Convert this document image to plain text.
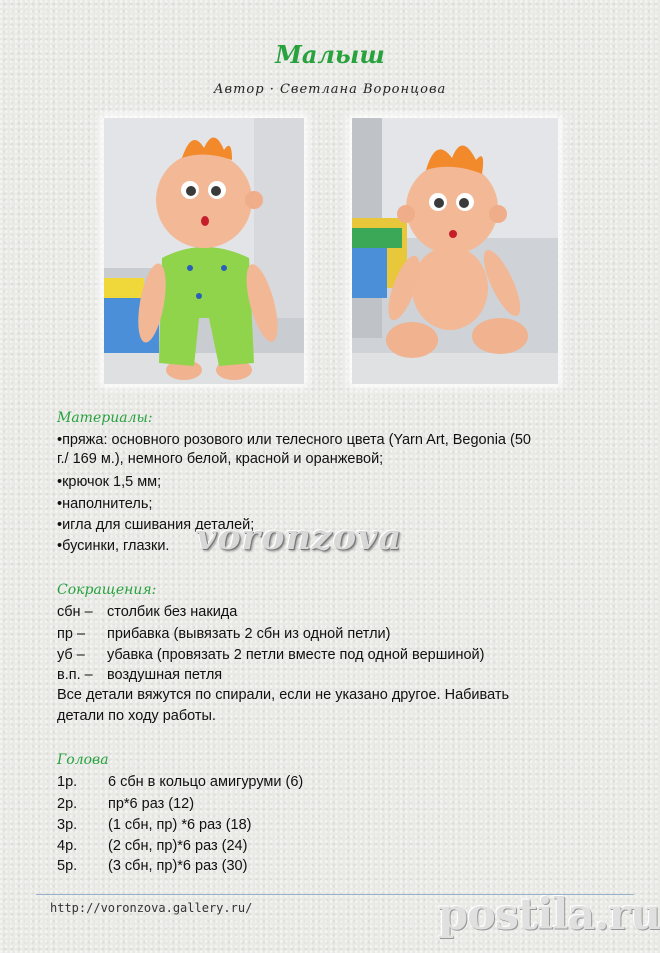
Малыш
Автор · Светлана Воронцова
Материалы:
•пряжа: основного розового или телесного цвета (Yarn Art, Begonia (50
г./ 169 м.), немного белой, красной и оранжевой;
•крючок 1,5 мм;
•наполнитель;
•игла для сшивания деталей;
•бусинки, глазки. voronzova
Сокращения:
сбн – столбик без накида
пр – прибавка (вывязать 2 сбн из одной петли)
уб – убавка (провязать 2 петли вместе под одной вершиной)
в.п. – воздушная петля
Все детали вяжутся по спирали, если не указано другое. Набивать
детали по ходу работы.
Голова
1р. 6 сбн в кольцо амигуруми (6)
2р. пр*6 раз (12)
3р. (1 сбн, пр) *6 раз (18)
4р. (2 сбн, пр)*6 раз (24)
5р. (3 сбн, пр)*6 раз (30)
http://voronzova.gallery.ru/	postila.ru
